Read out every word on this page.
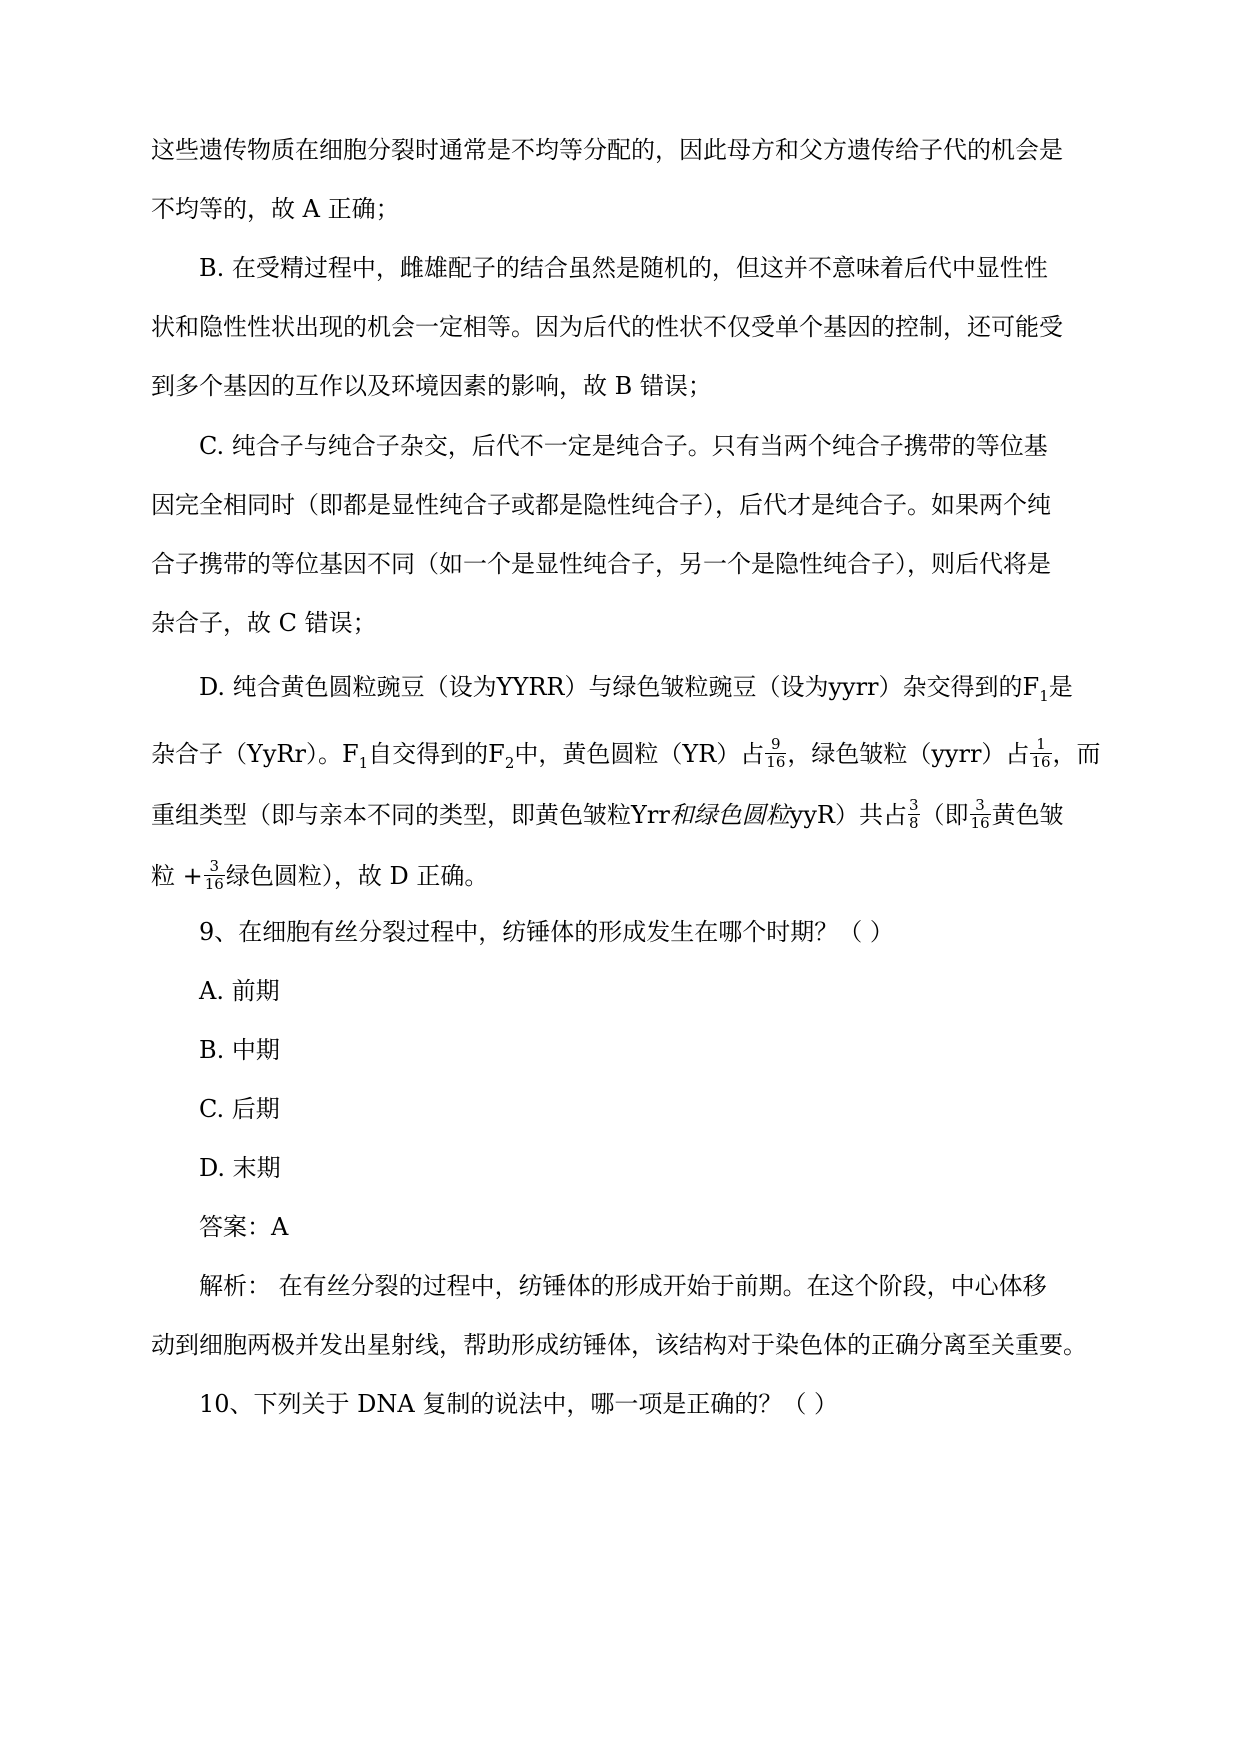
这些遗传物质在细胞分裂时通常是不均等分配的，因此母方和父方遗传给子代的机会是
不均等的，故 A 正确；
B. 在受精过程中，雌雄配子的结合虽然是随机的，但这并不意味着后代中显性性
状和隐性性状出现的机会一定相等。因为后代的性状不仅受单个基因的控制，还可能受
到多个基因的互作以及环境因素的影响，故 B 错误；
C. 纯合子与纯合子杂交，后代不一定是纯合子。只有当两个纯合子携带的等位基
因完全相同时（即都是显性纯合子或都是隐性纯合子），后代才是纯合子。如果两个纯
合子携带的等位基因不同（如一个是显性纯合子，另一个是隐性纯合子），则后代将是
杂合子，故 C 错误；
D. 纯合黄色圆粒豌豆（设为YYRR）与绿色皱粒豌豆（设为yyrr）杂交得到的$F_1$是
杂合子（YyRr）。$F_1$自交得到的$F_2$中，黄色圆粒（YR）占 $\frac{9}{16}$ ，绿色皱粒（yyrr）占 $\frac{1}{16}$ ，而
重组类型（即与亲本不同的类型，即黄色皱粒Yrr和绿色圆粒yyR）共占 $\frac{3}{8}$ （即 $\frac{3}{16}$ 黄色皱
粒 + $\frac{3}{16}$ 绿色圆粒），故 D 正确。
9、在细胞有丝分裂过程中，纺锤体的形成发生在哪个时期？（ ）
A. 前期
B. 中期
C. 后期
D. 末期
答案：A
解析： 在有丝分裂的过程中，纺锤体的形成开始于前期。在这个阶段，中心体移
动到细胞两极并发出星射线，帮助形成纺锤体，该结构对于染色体的正确分离至关重要。
10、下列关于 DNA 复制的说法中，哪一项是正确的？（ ）
